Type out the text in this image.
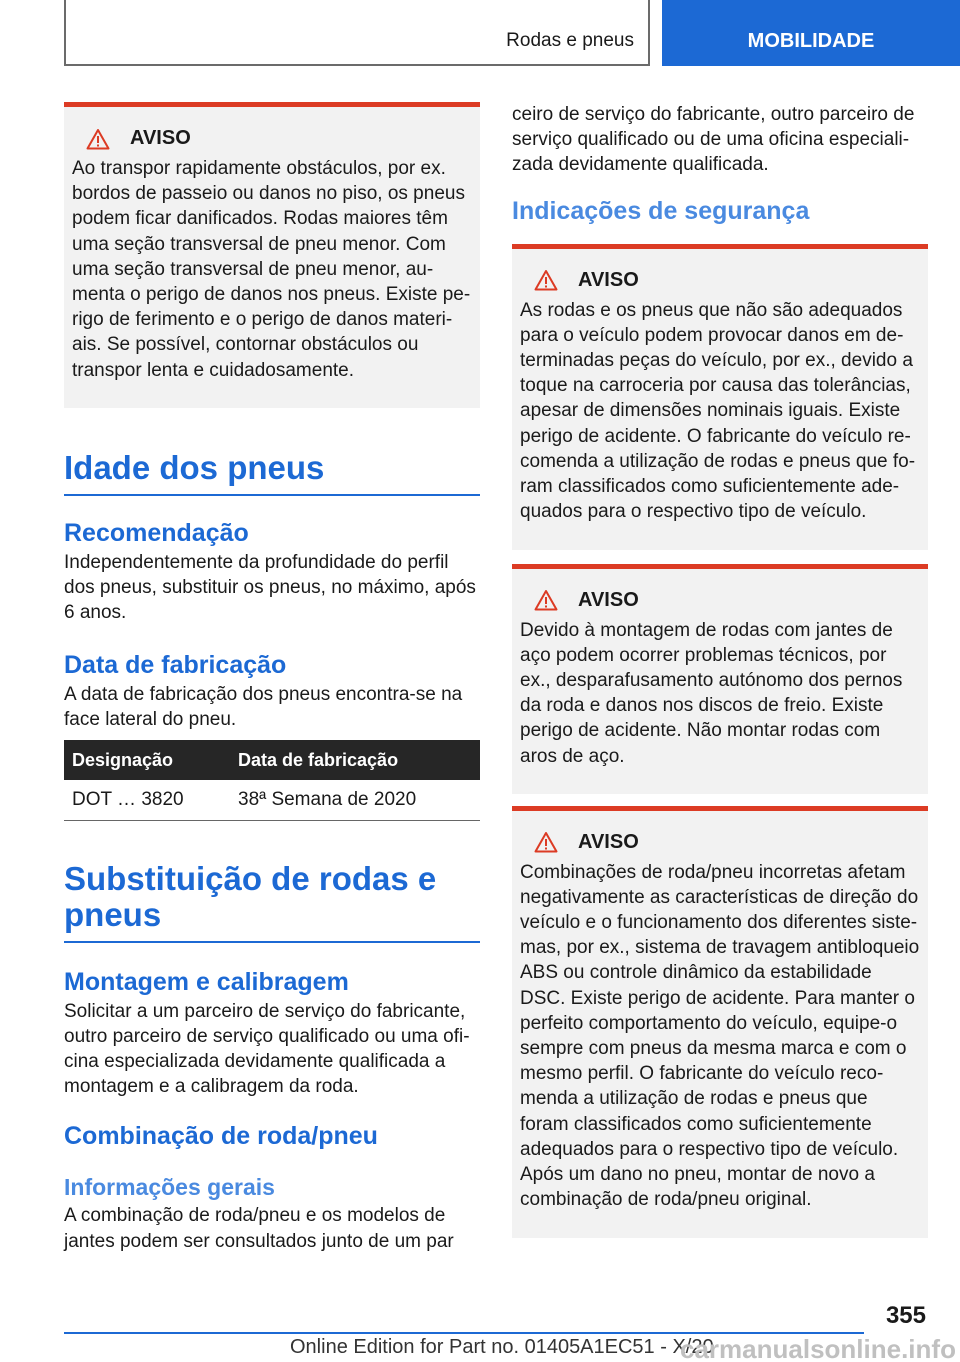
Rodas e pneus	MOBILIDADE
AVISO
Ao transpor rapidamente obstáculos, por ex. bordos de passeio ou danos no piso, os pneus podem ficar danificados. Rodas maiores têm uma seção transversal de pneu menor. Com uma seção transversal de pneu menor, aumenta o perigo de danos nos pneus. Existe perigo de ferimento e o perigo de danos materiais. Se possível, contornar obstáculos ou transpor lenta e cuidadosamente.
Idade dos pneus
Recomendação

Independentemente da profundidade do perfil dos pneus, substituir os pneus, no máximo, após 6 anos.

Data de fabricação

A data de fabricação dos pneus encontra-se na face lateral do pneu.

Designação	Data de fabricação
DOT … 3820	38ª Semana de 2020
Substituição de rodas e pneus
Montagem e calibragem

Solicitar a um parceiro de serviço do fabricante, outro parceiro de serviço qualificado ou uma oficina especializada devidamente qualificada a montagem e a calibragem da roda.

Combinação de roda/pneu
Informações gerais

A combinação de roda/pneu e os modelos de jantes podem ser consultados junto de um par

ceiro de serviço do fabricante, outro parceiro de serviço qualificado ou de uma oficina especializada devidamente qualificada.

Indicações de segurança
AVISO
As rodas e os pneus que não são adequados para o veículo podem provocar danos em determinadas peças do veículo, por ex., devido a toque na carroceria por causa das tolerâncias, apesar de dimensões nominais iguais. Existe perigo de acidente. O fabricante do veículo recomenda a utilização de rodas e pneus que foram classificados como suficientemente adequados para o respectivo tipo de veículo.
AVISO
Devido à montagem de rodas com jantes de aço podem ocorrer problemas técnicos, por ex., desparafusamento autónomo dos pernos da roda e danos nos discos de freio. Existe perigo de acidente. Não montar rodas com aros de aço.
AVISO
Combinações de roda/pneu incorretas afetam negativamente as características de direção do veículo e o funcionamento dos diferentes sistemas, por ex., sistema de travagem antibloqueio ABS ou controle dinâmico da estabilidade DSC. Existe perigo de acidente. Para manter o perfeito comportamento do veículo, equipe-o sempre com pneus da mesma marca e com o mesmo perfil. O fabricante do veículo recomenda a utilização de rodas e pneus que foram classificados como suficientemente adequados para o respectivo tipo de veículo. Após um dano no pneu, montar de novo a combinação de roda/pneu original.
355
Online Edition for Part no. 01405A1EC51 - X/20
carmanualsonline.info
